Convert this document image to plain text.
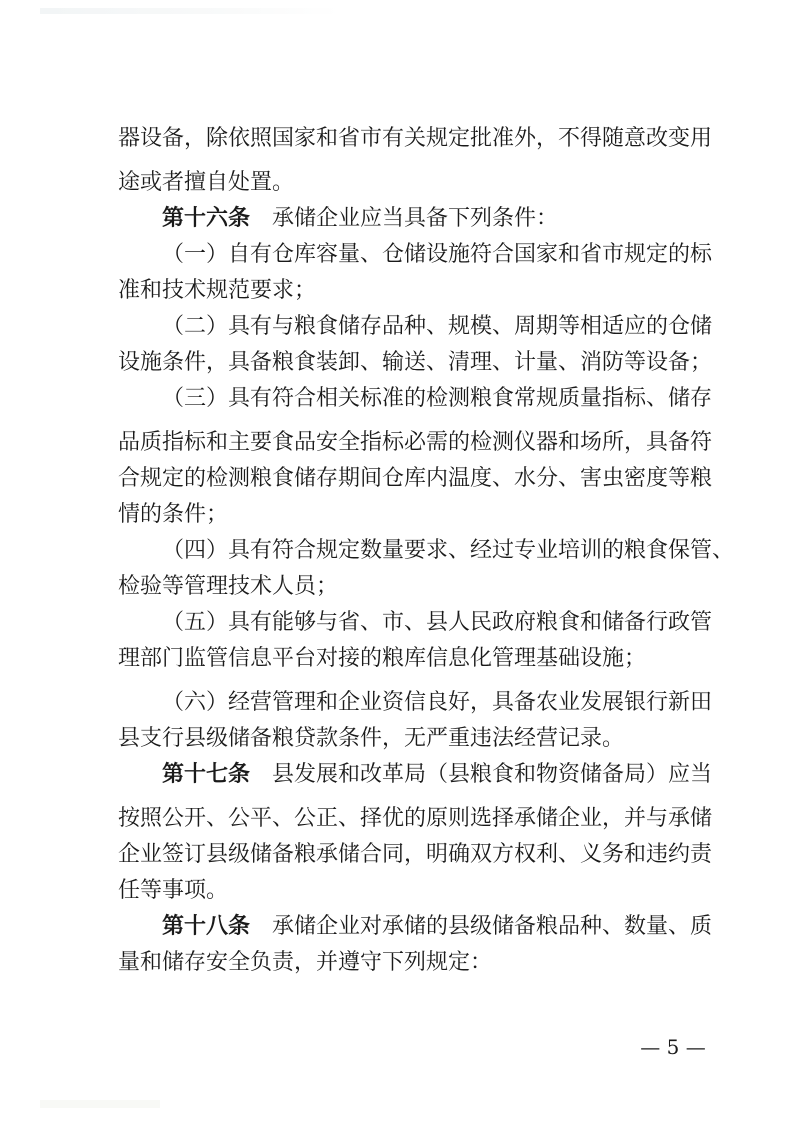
器设备，除依照国家和省市有关规定批准外，不得随意改变用
途或者擅自处置。
第十六条 承储企业应当具备下列条件：
（一）自有仓库容量、仓储设施符合国家和省市规定的标
准和技术规范要求；
（二）具有与粮食储存品种、规模、周期等相适应的仓储
设施条件，具备粮食装卸、输送、清理、计量、消防等设备；
（三）具有符合相关标准的检测粮食常规质量指标、储存
品质指标和主要食品安全指标必需的检测仪器和场所，具备符
合规定的检测粮食储存期间仓库内温度、水分、害虫密度等粮
情的条件；
（四）具有符合规定数量要求、经过专业培训的粮食保管、
检验等管理技术人员；
（五）具有能够与省、市、县人民政府粮食和储备行政管
理部门监管信息平台对接的粮库信息化管理基础设施；
（六）经营管理和企业资信良好，具备农业发展银行新田
县支行县级储备粮贷款条件，无严重违法经营记录。
第十七条 县发展和改革局（县粮食和物资储备局）应当
按照公开、公平、公正、择优的原则选择承储企业，并与承储
企业签订县级储备粮承储合同，明确双方权利、义务和违约责
任等事项。
第十八条 承储企业对承储的县级储备粮品种、数量、质
量和储存安全负责，并遵守下列规定：
— 5 —
